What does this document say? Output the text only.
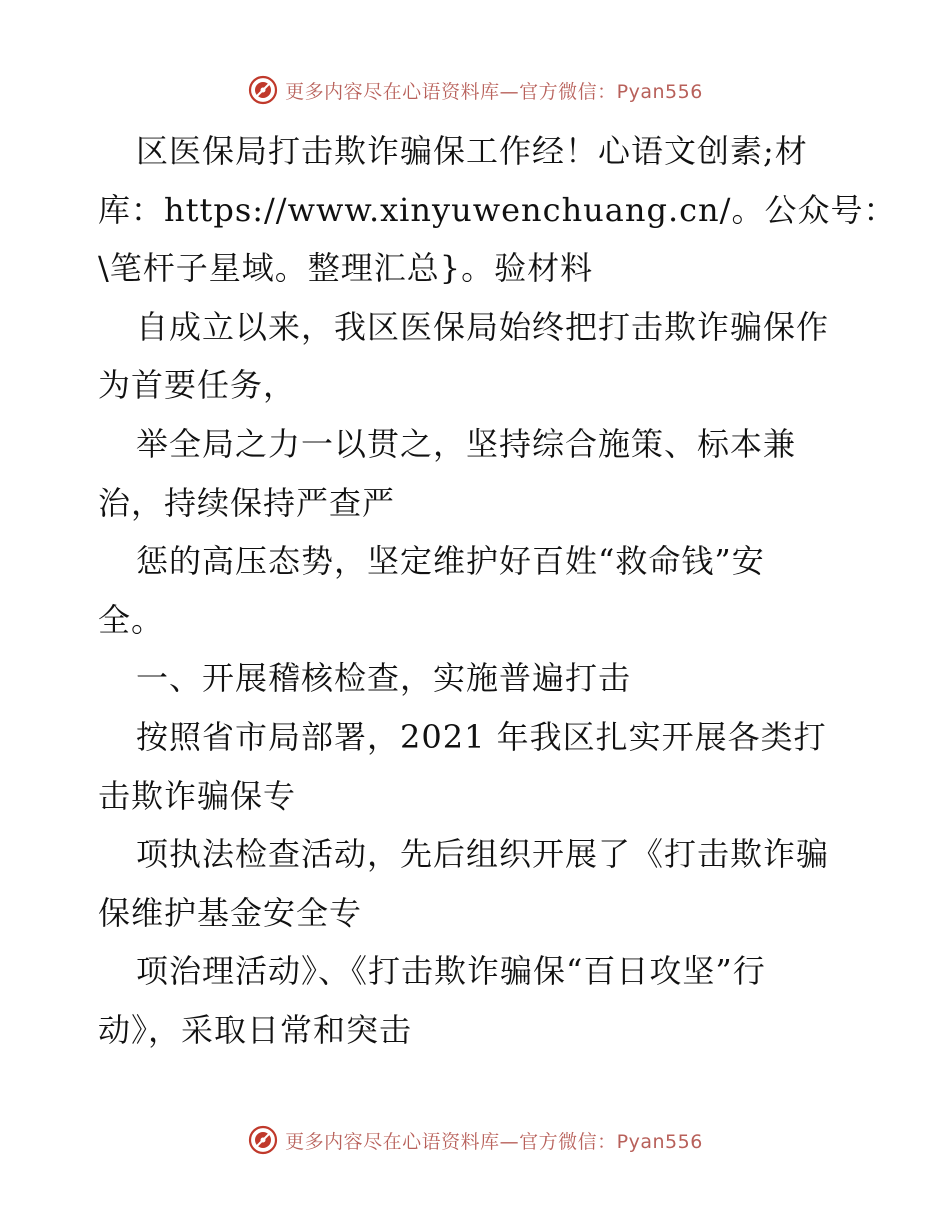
更多内容尽在心语资料库—官方微信：Pyan556
区医保局打击欺诈骗保工作经！心语文创素;材
库：https://www.xinyuwenchuang.cn/。公众号：
\笔杆子星域。整理汇总}。验材料
自成立以来，我区医保局始终把打击欺诈骗保作
为首要任务，
举全局之力一以贯之，坚持综合施策、标本兼
治，持续保持严查严
惩的高压态势，坚定维护好百姓“救命钱”安
全。
一、开展稽核检查，实施普遍打击
按照省市局部署，2021 年我区扎实开展各类打
击欺诈骗保专
项执法检查活动，先后组织开展了《打击欺诈骗
保维护基金安全专
项治理活动》、《打击欺诈骗保“百日攻坚”行
动》，采取日常和突击
更多内容尽在心语资料库—官方微信：Pyan556
